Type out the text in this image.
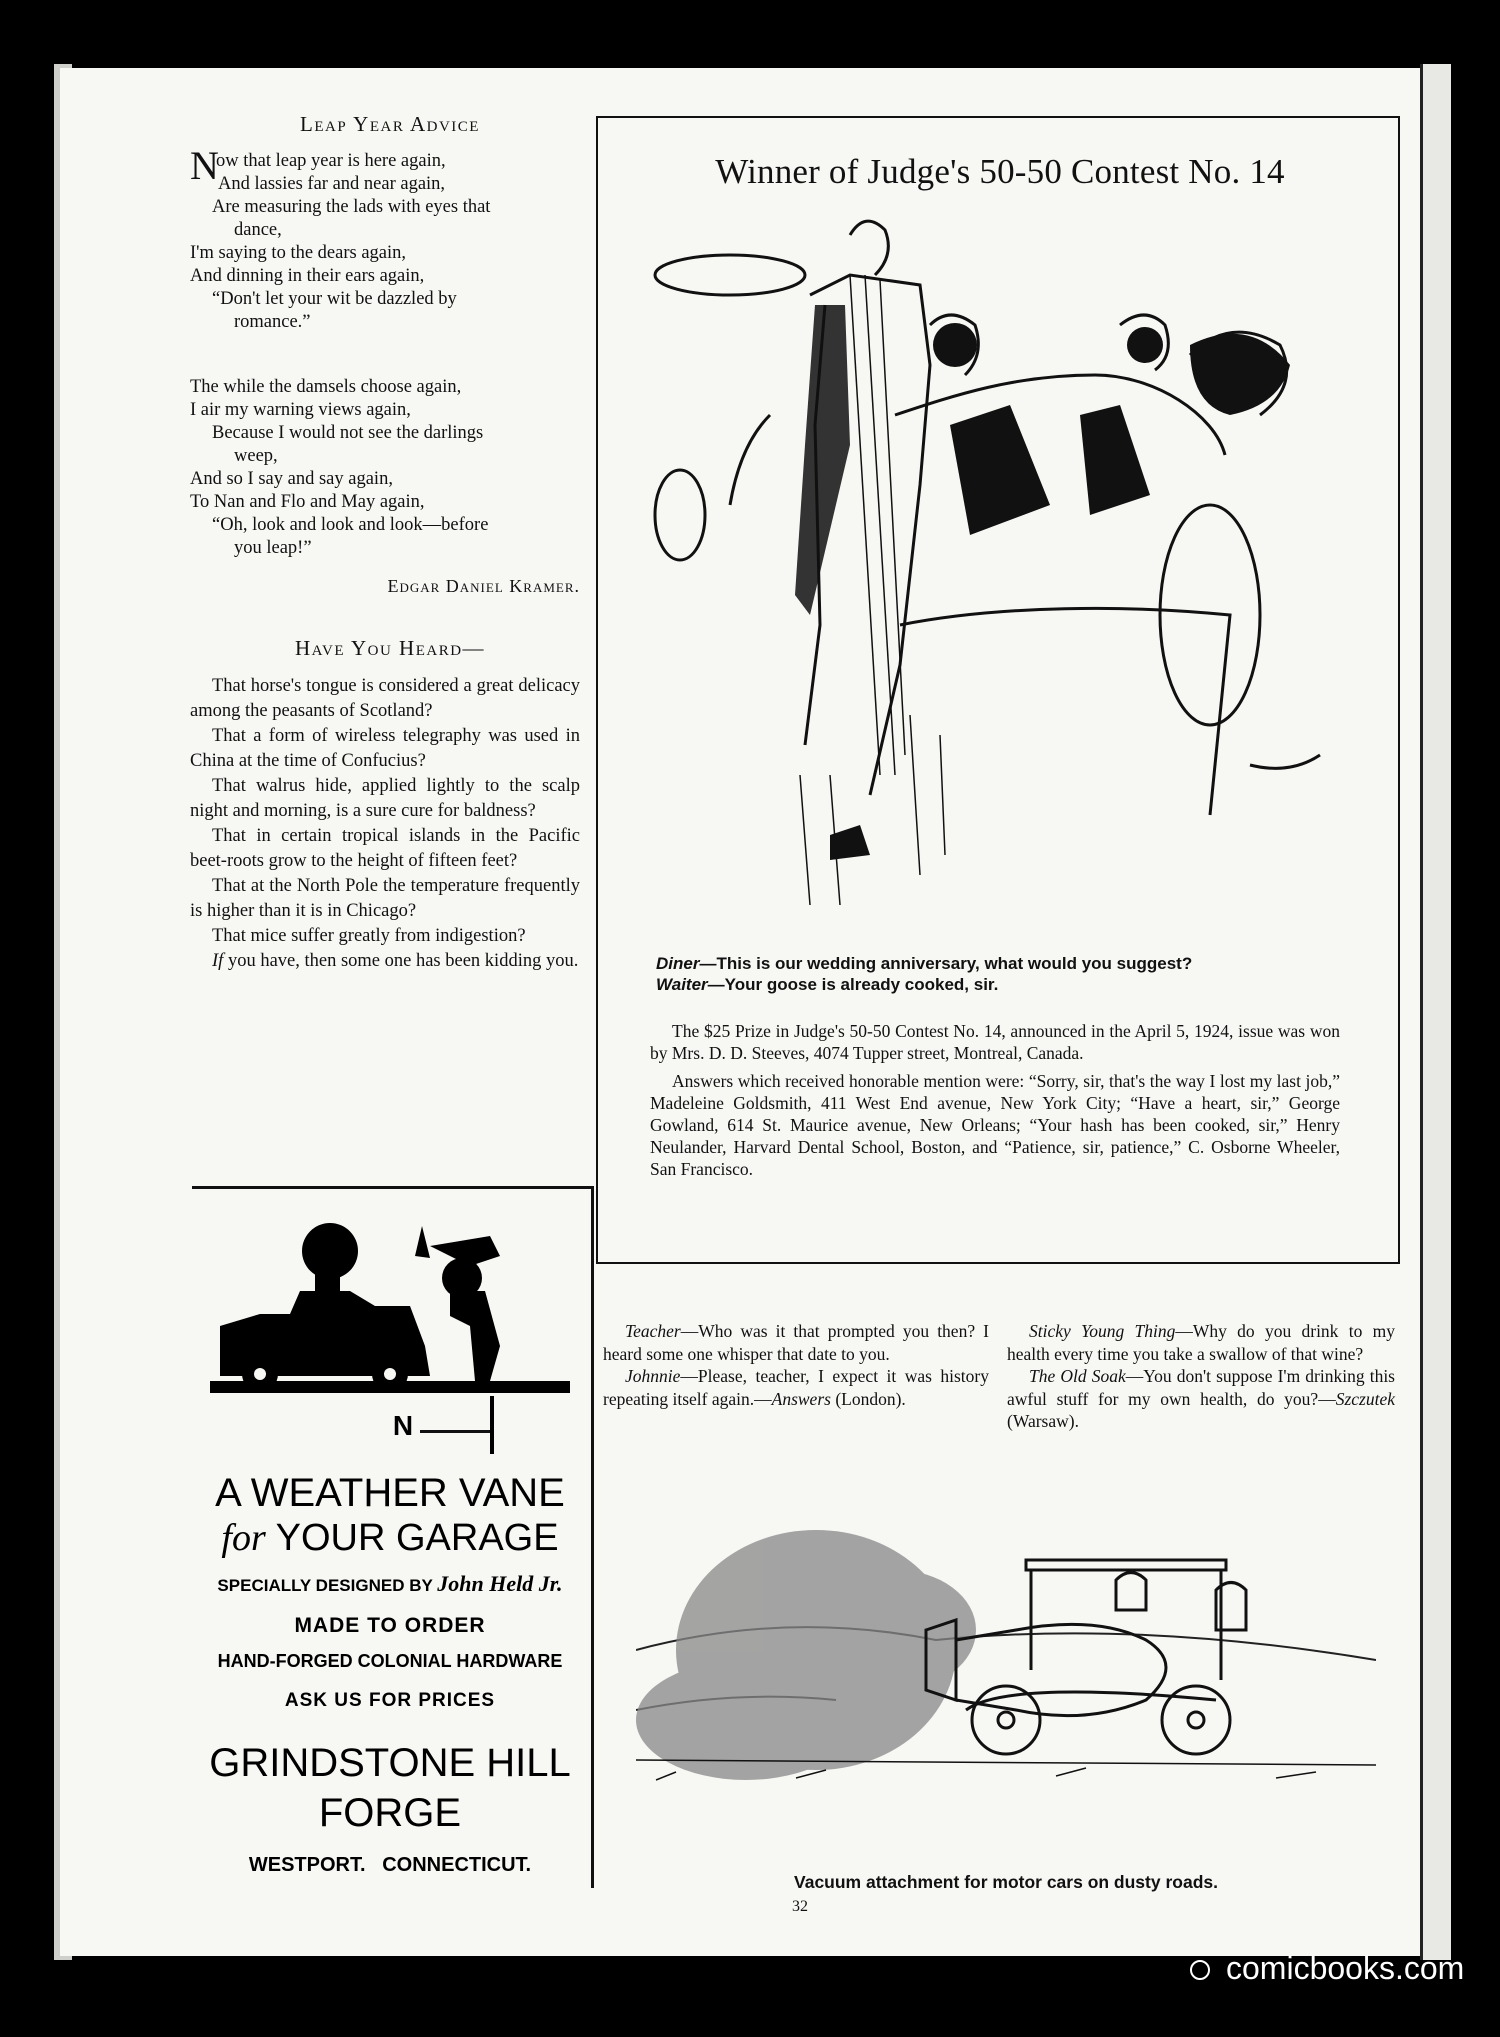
Leap Year Advice
N
ow that leap year is here again,
And lassies far and near again,
Are measuring the lads with eyes that
dance,
I'm saying to the dears again,
And dinning in their ears again,
“Don't let your wit be dazzled by
romance.”
The while the damsels choose again,
I air my warning views again,
Because I would not see the darlings
weep,
And so I say and say again,
To Nan and Flo and May again,
“Oh, look and look and look—before
you leap!”
Edgar Daniel Kramer.
Have You Heard—

That horse's tongue is considered a great delicacy among the peasants of Scotland?

That a form of wireless telegraphy was used in China at the time of Confucius?

That walrus hide, applied lightly to the scalp night and morning, is a sure cure for baldness?

That in certain tropical islands in the Pacific beet-roots grow to the height of fifteen feet?

That at the North Pole the temperature frequently is higher than it is in Chicago?

That mice suffer greatly from indigestion?

If you have, then some one has been kidding you.

N
A WEATHER VANE
for YOUR GARAGE
SPECIALLY DESIGNED BY John Held Jr.
MADE TO ORDER
HAND-FORGED COLONIAL HARDWARE
ASK US FOR PRICES
GRINDSTONE HILL
FORGE
WESTPORT.   CONNECTICUT.
Winner of Judge's 50-50 Contest No. 14
Diner—This is our wedding anniversary, what would you suggest?
Waiter—Your goose is already cooked, sir.

The $25 Prize in Judge's 50-50 Contest No. 14, announced in the April 5, 1924, issue was won by Mrs. D. D. Steeves, 4074 Tupper street, Montreal, Canada.

Answers which received honorable mention were: “Sorry, sir, that's the way I lost my last job,” Madeleine Goldsmith, 411 West End avenue, New York City; “Have a heart, sir,” George Gowland, 614 St. Maurice avenue, New Orleans; “Your hash has been cooked, sir,” Henry Neulander, Harvard Dental School, Boston, and “Patience, sir, patience,” C. Osborne Wheeler, San Francisco.

Teacher—Who was it that prompted you then? I heard some one whisper that date to you.

Johnnie—Please, teacher, I expect it was history repeating itself again.—Answers (London).

Sticky Young Thing—Why do you drink to my health every time you take a swallow of that wine?

The Old Soak—You don't suppose I'm drinking this awful stuff for my own health, do you?—Szczutek (Warsaw).

Vacuum attachment for motor cars on dusty roads.
32
comicbooks.com
